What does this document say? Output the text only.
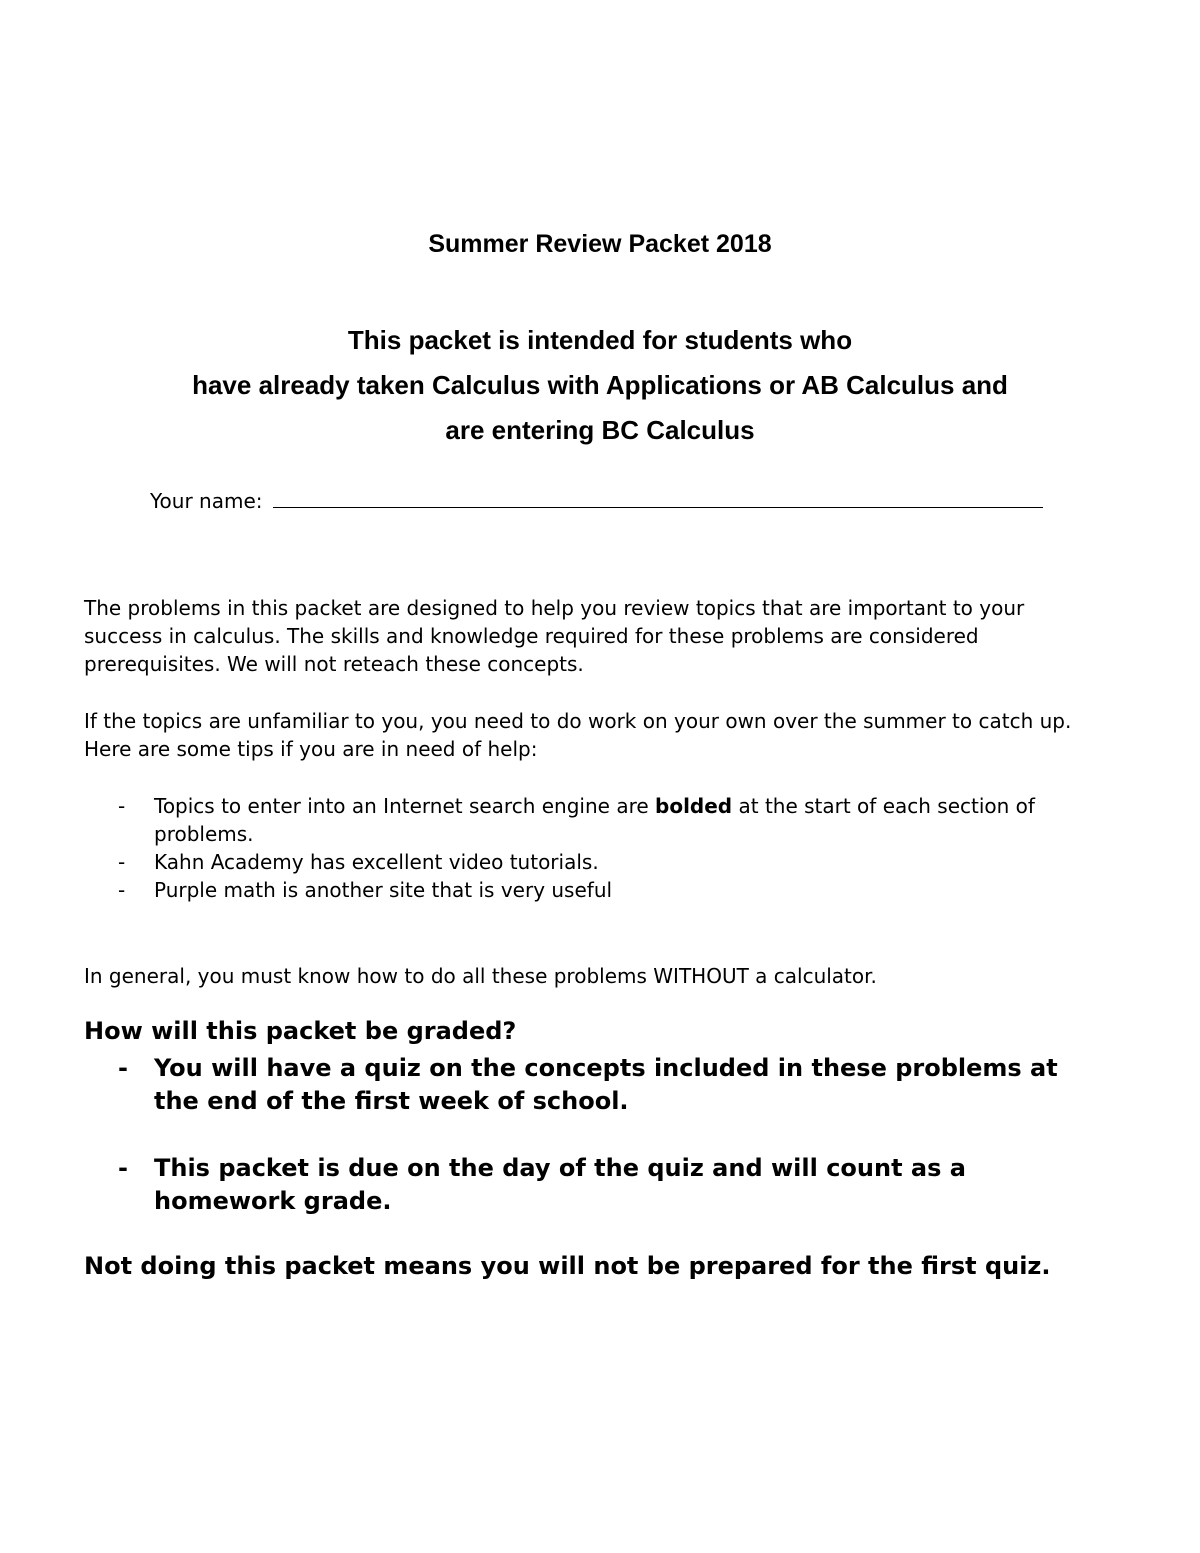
Summer Review Packet 2018
This packet is intended for students who
have already taken Calculus with Applications or AB Calculus and
are entering BC Calculus
Your name:

The problems in this packet are designed to help you review topics that are important to your success in calculus. The skills and knowledge required for these problems are considered prerequisites. We will not reteach these concepts.

If the topics are unfamiliar to you, you need to do work on your own over the summer to catch up. Here are some tips if you are in need of help:

- Topics to enter into an Internet search engine are bolded at the start of each section of problems.
- Kahn Academy has excellent video tutorials.
- Purple math is another site that is very useful

In general, you must know how to do all these problems WITHOUT a calculator.

How will this packet be graded?
- You will have a quiz on the concepts included in these problems at the end of the first week of school.
- This packet is due on the day of the quiz and will count as a homework grade.

Not doing this packet means you will not be prepared for the first quiz.
